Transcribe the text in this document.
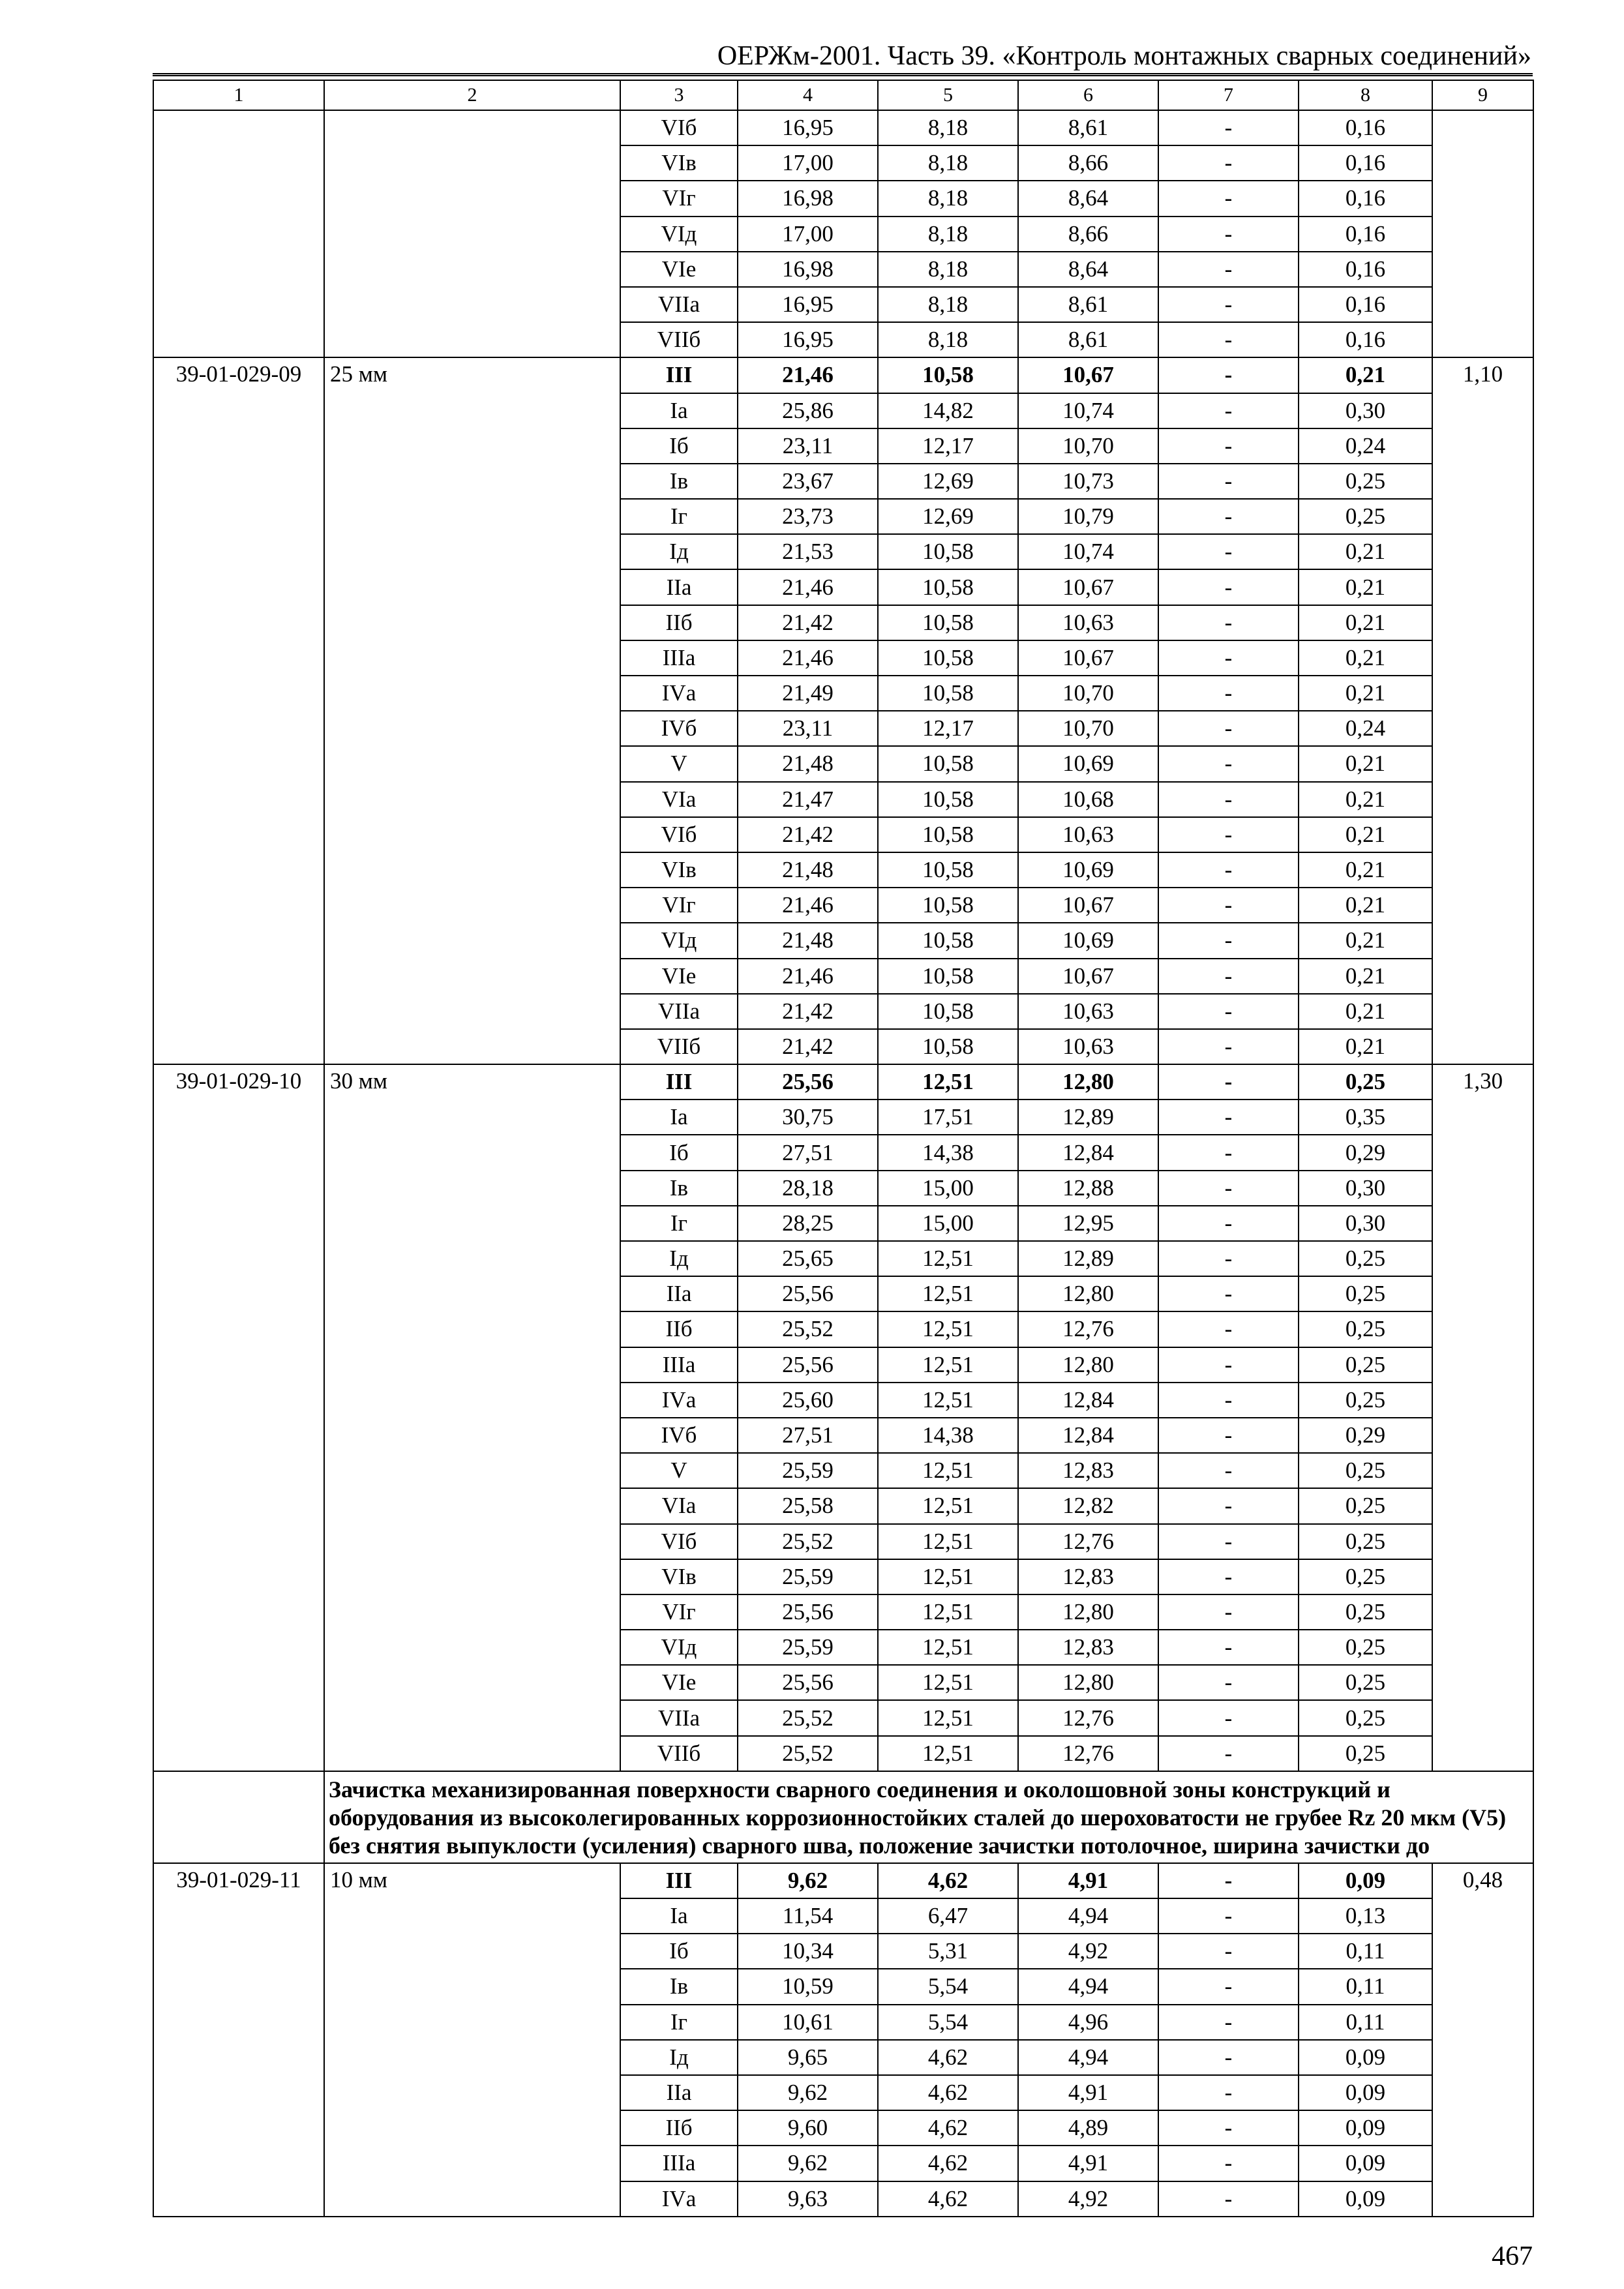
ОЕРЖм-2001. Часть 39. «Контроль монтажных сварных соединений»
1	2	3	4	5	6	7	8	9
		VIб	16,95	8,18	8,61	-	0,16	
		VIв	17,00	8,18	8,66	-	0,16	
		VIг	16,98	8,18	8,64	-	0,16	
		VIд	17,00	8,18	8,66	-	0,16	
		VIе	16,98	8,18	8,64	-	0,16	
		VIIа	16,95	8,18	8,61	-	0,16	
		VIIб	16,95	8,18	8,61	-	0,16	
39-01-029-09	25 мм	III	21,46	10,58	10,67	-	0,21	1,10
		Iа	25,86	14,82	10,74	-	0,30	
		Iб	23,11	12,17	10,70	-	0,24	
		Iв	23,67	12,69	10,73	-	0,25	
		Iг	23,73	12,69	10,79	-	0,25	
		Iд	21,53	10,58	10,74	-	0,21	
		IIа	21,46	10,58	10,67	-	0,21	
		IIб	21,42	10,58	10,63	-	0,21	
		IIIа	21,46	10,58	10,67	-	0,21	
		IVа	21,49	10,58	10,70	-	0,21	
		IVб	23,11	12,17	10,70	-	0,24	
		V	21,48	10,58	10,69	-	0,21	
		VIа	21,47	10,58	10,68	-	0,21	
		VIб	21,42	10,58	10,63	-	0,21	
		VIв	21,48	10,58	10,69	-	0,21	
		VIг	21,46	10,58	10,67	-	0,21	
		VIд	21,48	10,58	10,69	-	0,21	
		VIе	21,46	10,58	10,67	-	0,21	
		VIIа	21,42	10,58	10,63	-	0,21	
		VIIб	21,42	10,58	10,63	-	0,21	
39-01-029-10	30 мм	III	25,56	12,51	12,80	-	0,25	1,30
		Iа	30,75	17,51	12,89	-	0,35	
		Iб	27,51	14,38	12,84	-	0,29	
		Iв	28,18	15,00	12,88	-	0,30	
		Iг	28,25	15,00	12,95	-	0,30	
		Iд	25,65	12,51	12,89	-	0,25	
		IIа	25,56	12,51	12,80	-	0,25	
		IIб	25,52	12,51	12,76	-	0,25	
		IIIа	25,56	12,51	12,80	-	0,25	
		IVа	25,60	12,51	12,84	-	0,25	
		IVб	27,51	14,38	12,84	-	0,29	
		V	25,59	12,51	12,83	-	0,25	
		VIа	25,58	12,51	12,82	-	0,25	
		VIб	25,52	12,51	12,76	-	0,25	
		VIв	25,59	12,51	12,83	-	0,25	
		VIг	25,56	12,51	12,80	-	0,25	
		VIд	25,59	12,51	12,83	-	0,25	
		VIе	25,56	12,51	12,80	-	0,25	
		VIIа	25,52	12,51	12,76	-	0,25	
		VIIб	25,52	12,51	12,76	-	0,25	
	Зачистка механизированная поверхности сварного соединения и околошовной зоны конструкций и оборудования из высоколегированных коррозионностойких сталей до шероховатости не грубее Rz 20 мкм (V5) без снятия выпуклости (усиления) сварного шва, положение зачистки потолочное, ширина зачистки до							
39-01-029-11	10 мм	III	9,62	4,62	4,91	-	0,09	0,48
		Iа	11,54	6,47	4,94	-	0,13	
		Iб	10,34	5,31	4,92	-	0,11	
		Iв	10,59	5,54	4,94	-	0,11	
		Iг	10,61	5,54	4,96	-	0,11	
		Iд	9,65	4,62	4,94	-	0,09	
		IIа	9,62	4,62	4,91	-	0,09	
		IIб	9,60	4,62	4,89	-	0,09	
		IIIа	9,62	4,62	4,91	-	0,09	
		IVа	9,63	4,62	4,92	-	0,09	
467
